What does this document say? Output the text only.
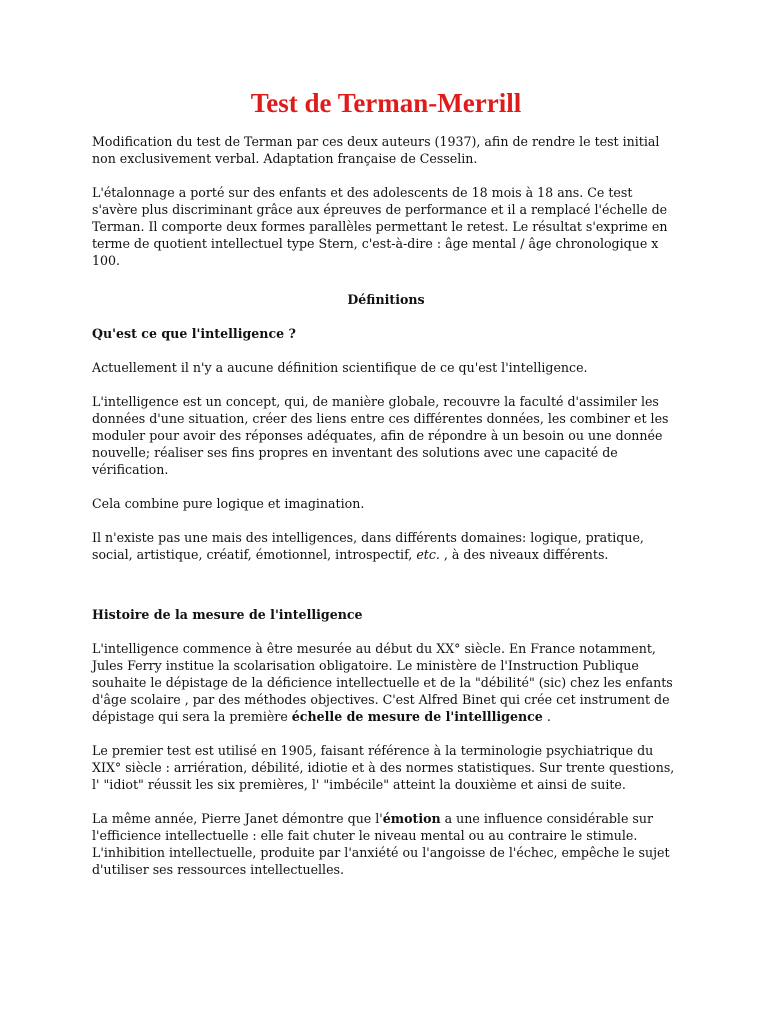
Test de Terman-Merrill

Modification du test de Terman par ces deux auteurs (1937), afin de rendre le test initial non exclusivement verbal. Adaptation française de Cesselin.

L'étalonnage a porté sur des enfants et des adolescents de 18 mois à 18 ans. Ce test s'avère plus discriminant grâce aux épreuves de performance et il a remplacé l'échelle de Terman. Il comporte deux formes parallèles permettant le retest. Le résultat s'exprime en terme de quotient intellectuel type Stern, c'est-à-dire : âge mental / âge chronologique x 100.

Définitions

Qu'est ce que l'intelligence ?

Actuellement il n'y a aucune définition scientifique de ce qu'est l'intelligence.

L'intelligence est un concept, qui, de manière globale, recouvre la faculté d'assimiler les données d'une situation, créer des liens entre ces différentes données, les combiner et les moduler pour avoir des réponses adéquates, afin de répondre à un besoin ou une donnée nouvelle; réaliser ses fins propres en inventant des solutions avec une capacité de vérification.

Cela combine pure logique et imagination.

Il n'existe pas une mais des intelligences, dans différents domaines: logique, pratique, social, artistique, créatif, émotionnel, introspectif, etc. , à des niveaux différents.

Histoire de la mesure de l'intelligence

L'intelligence commence à être mesurée au début du XX° siècle. En France notamment, Jules Ferry institue la scolarisation obligatoire. Le ministère de l'Instruction Publique souhaite le dépistage de la déficience intellectuelle et de la "débilité" (sic) chez les enfants d'âge scolaire , par des méthodes objectives. C'est Alfred Binet qui crée cet instrument de dépistage qui sera la première échelle de mesure de l'intellligence .

Le premier test est utilisé en 1905, faisant référence à la terminologie psychiatrique du XIX° siècle : arriération, débilité, idiotie et à des normes statistiques. Sur trente questions, l' "idiot" réussit les six premières, l' "imbécile" atteint la douxième et ainsi de suite.

La même année, Pierre Janet démontre que l'émotion a une influence considérable sur l'efficience intellectuelle : elle fait chuter le niveau mental ou au contraire le stimule. L'inhibition intellectuelle, produite par l'anxiété ou l'angoisse de l'échec, empêche le sujet d'utiliser ses ressources intellectuelles.
